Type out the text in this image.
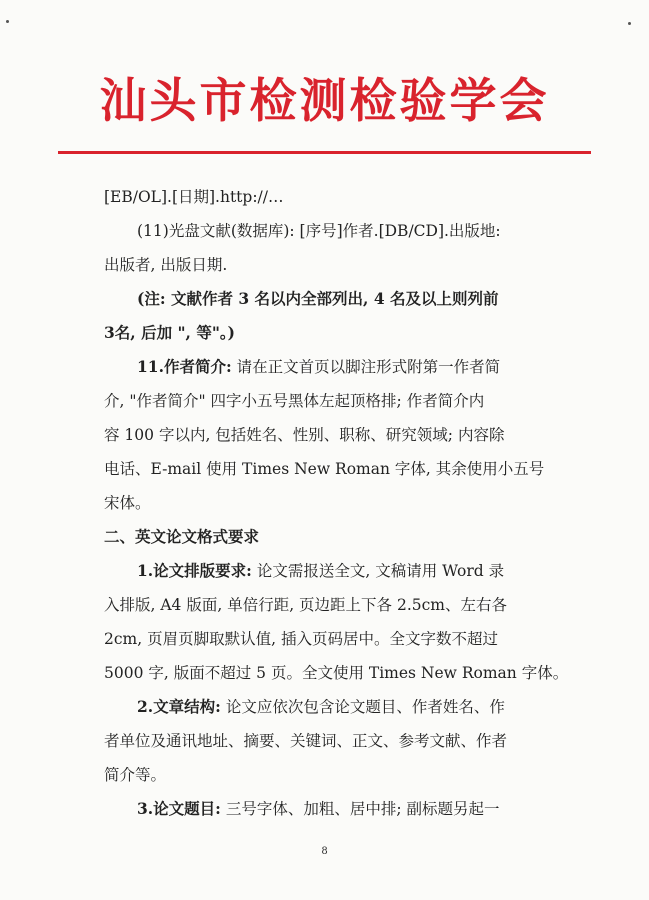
汕头市检测检验学会
[EB/OL].[日期].http://…
(11)光盘文献(数据库): [序号]作者.[DB/CD].出版地:
出版者, 出版日期.
(注: 文献作者 3 名以内全部列出, 4 名及以上则列前
3名, 后加 ", 等"。)
11.作者简介: 请在正文首页以脚注形式附第一作者简
介, "作者简介" 四字小五号黑体左起顶格排; 作者简介内
容 100 字以内, 包括姓名、性别、职称、研究领域; 内容除
电话、E-mail 使用 Times New Roman 字体, 其余使用小五号
宋体。
二、英文论文格式要求
1.论文排版要求: 论文需报送全文, 文稿请用 Word 录
入排版, A4 版面, 单倍行距, 页边距上下各 2.5cm、左右各
2cm, 页眉页脚取默认值, 插入页码居中。全文字数不超过
5000 字, 版面不超过 5 页。全文使用 Times New Roman 字体。
2.文章结构: 论文应依次包含论文题目、作者姓名、作
者单位及通讯地址、摘要、关键词、正文、参考文献、作者
简介等。
3.论文题目: 三号字体、加粗、居中排; 副标题另起一
8
